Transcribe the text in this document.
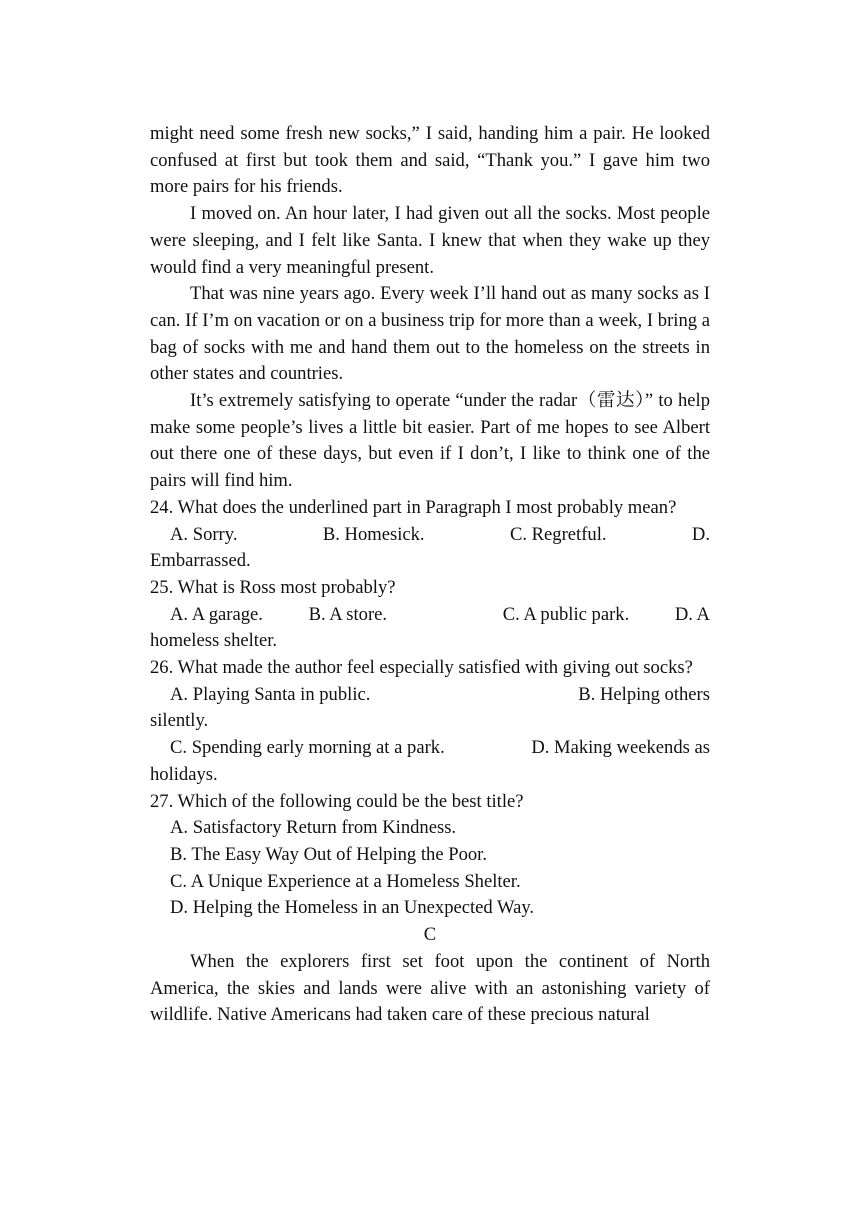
might need some fresh new socks,” I said, handing him a pair. He looked confused at first but took them and said, “Thank you.” I gave him two more pairs for his friends.

I moved on. An hour later, I had given out all the socks. Most people were sleeping, and I felt like Santa. I knew that when they wake up they would find a very meaningful present.

That was nine years ago. Every week I’ll hand out as many socks as I can. If I’m on vacation or on a business trip for more than a week, I bring a bag of socks with me and hand them out to the homeless on the streets in other states and countries.

It’s extremely satisfying to operate “under the radar（雷达）” to help make some people’s lives a little bit easier. Part of me hopes to see Albert out there one of these days, but even if I don’t, I like to think one of the pairs will find him.

24. What does the underlined part in Paragraph I most probably mean?

A. Sorry.	B. Homesick.	C. Regretful.	D.
Embarrassed.

25. What is Ross most probably?

A. A garage. B. A store.	C. A public park. D. A
homeless shelter.

26. What made the author feel especially satisfied with giving out socks?

A. Playing Santa in public.	B. Helping others
silently.
C. Spending early morning at a park.	D. Making weekends as
holidays.

27. Which of the following could be the best title?

A. Satisfactory Return from Kindness.
B. The Easy Way Out of Helping the Poor.
C. A Unique Experience at a Homeless Shelter.
D. Helping the Homeless in an Unexpected Way.

C

When the explorers first set foot upon the continent of North America, the skies and lands were alive with an astonishing variety of wildlife. Native Americans had taken care of these precious natural
